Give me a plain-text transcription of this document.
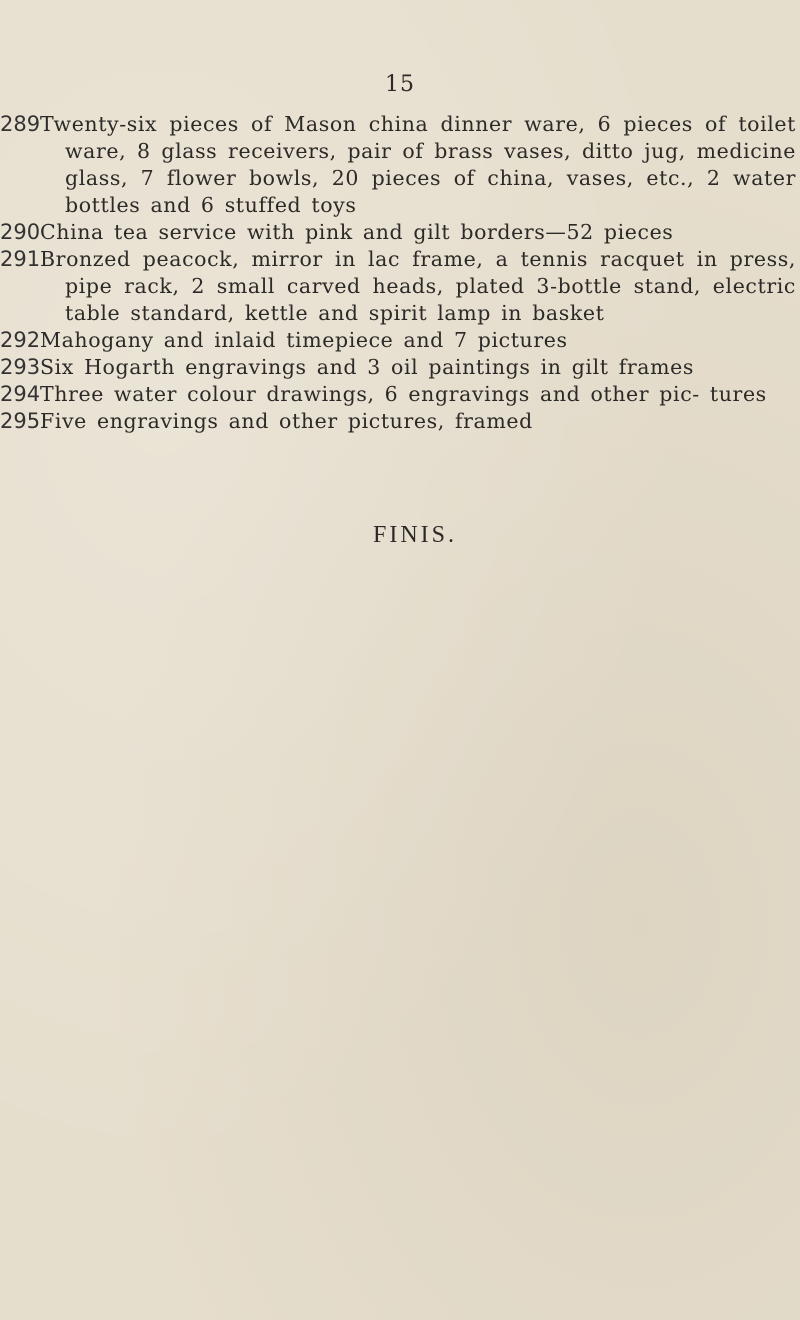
15
289 Twenty-six pieces of Mason china dinner ware, 6 pieces of toilet ware, 8 glass receivers, pair of brass vases, ditto jug, medicine glass, 7 flower bowls, 20 pieces of china, vases, etc., 2 water bottles and 6 stuffed toys
290 China tea service with pink and gilt borders—52 pieces
291 Bronzed peacock, mirror in lac frame, a tennis racquet in press, pipe rack, 2 small carved heads, plated 3-bottle stand, electric table standard, kettle and spirit lamp in basket
292 Mahogany and inlaid timepiece and 7 pictures
293 Six Hogarth engravings and 3 oil paintings in gilt frames
294 Three water colour drawings, 6 engravings and other pic- tures
295 Five engravings and other pictures, framed
FINIS.
